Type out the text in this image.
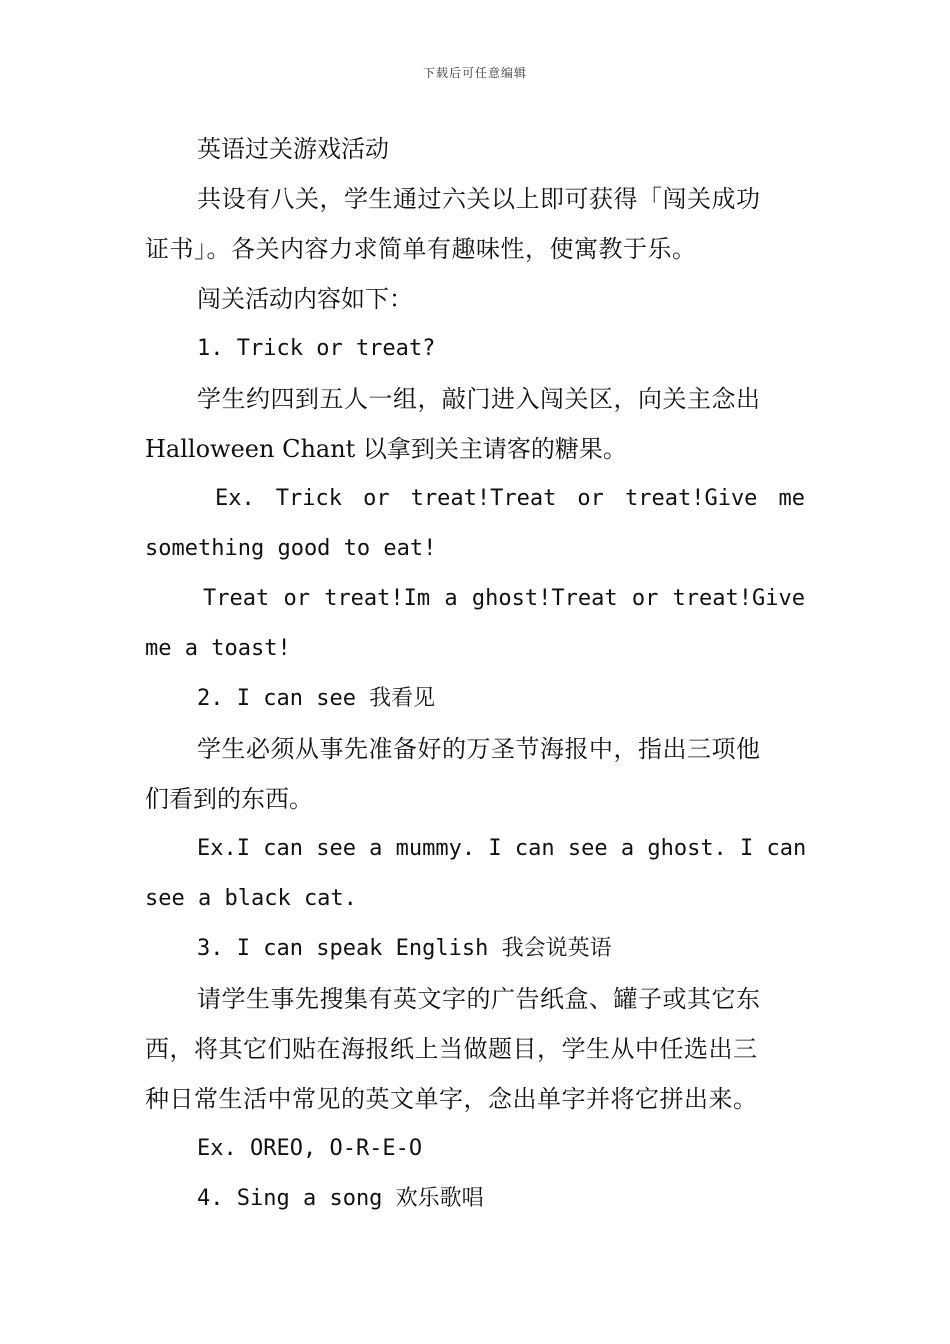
下载后可任意编辑
英语过关游戏活动
共设有八关，学生通过六关以上即可获得「闯关成功
证书」。各关内容力求简单有趣味性，使寓教于乐。
闯关活动内容如下：
1. Trick or treat?
学生约四到五人一组，敲门进入闯关区，向关主念出
Halloween Chant 以拿到关主请客的糖果。
Ex. Trick or treat!Treat or treat!Give me
something good to eat!
Treat or treat!Im a ghost!Treat or treat!Give
me a toast!
2. I can see 我看见
学生必须从事先准备好的万圣节海报中，指出三项他
们看到的东西。
Ex.I can see a mummy. I can see a ghost. I can
see a black cat.
3. I can speak English 我会说英语
请学生事先搜集有英文字的广告纸盒、罐子或其它东
西，将其它们贴在海报纸上当做题目，学生从中任选出三
种日常生活中常见的英文单字，念出单字并将它拼出来。
Ex. OREO, O-R-E-O
4. Sing a song 欢乐歌唱
